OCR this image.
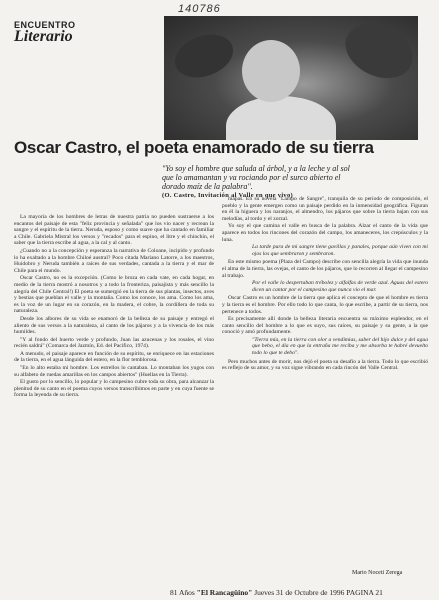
140786
ENCUENTRO
Literario
Oscar Castro, el poeta enamorado de su tierra
"Yo soy el hombre que saluda al árbol, y a la leche y al sol que lo amamantan y va rociando por el surco abierto el dorado maíz de la palabra".
(O. Castro, Invitación al Valle en que vivo)

La mayoría de los hombres de letras de nuestra patria no pueden sustraerse a los encantos del paisaje de esta "feliz provincia y señalada" que los vio nacer y recrean la sangre y el espíritu de la tierra. Neruda, esposo y como suave que ha cantado en familiar a Chile. Gabriela Mistral los versos y "recados" para el espino, el litre y el chinchín, el saber que la tierra escribe al agua, a la cal y al canto.

¿Cuando no a la concepción y esperanza la narrativa de Coloane, incipido y profundo lo ha exaltado a la hombre Chiloé austral? Poco citada Mariano Latorre, a los maestros, Huidobro y Neruda también a raíces de sus verdades, cantada a la tierra y el mar de Chile para el mundo.

Oscar Castro, no es la excepción. (Como le broza en cada vate, en cada hogar, en medio de la tierra mostró a nosotros y a todo la fronteriza, paisajista y más sencillo la alegría del Chile Central!) El poeta se sumergió en la tierra de sus plantas, insectos, aves y bestias que pueblan el valle y la montaña. Como los conoce, los ama. Como los ama, es la voz de un lugar en su corazón, en la madera, el cobre, la cordillera de toda su naturaleza.

Desde los albores de su vida se enamoró de la belleza de su paisaje y entregó el aliento de sus versos a la naturaleza, al canto de los pájaros y a la vivencia de los más humildes.

"Y al fondo del huerto verde y profundo, Juan las azucenas y los rosales, el vino recién saldrá" (Comarca del Jazmín, Ed. del Pacífico, 1974).

A menudo, el paisaje aparece en función de su espíritu, se enriquece en las estaciones de la tierra, en el agua lánguida del estero, en la flor temblorosa.

"En lo alto estaba mi hombre. Los estrellos lo cantaban. Lo montaban los yugos con su alfabeto de ruedas amarillas en los campos abiertos" (Huellas en la Tierra).

El gusto por lo sencillo, lo popular y lo campesino cubre toda su obra, para alcanzar la plenitud de su canto en el poema cuyos versos transcribimos en parte y en cuya fuente se forma la leyenda de su tierra.

mapas. En su novela "Lampo de Sangre", tranquila de su período de composición, el pueblo y la gente emergen como un paisaje perdido en la inmensidad geográfica. Figuran en él la higuera y los naranjos, el almendro, los pájaros que sobre la tierra bajan con sus melodías, al tordo y el zorzal.

Yo soy el que camina el valle en busca de la palabra. Alzar el canto de la vida que aparece en todos los rincones del corazón del campo, los amaneceres, los crepúsculos y la luna.

La tarde pura de mi sangre tiene gavillas y panales, porque aún viven con mi ojos los que sembraron y sembraron.

En este mismo poema (Plaza del Campo) describe con sencilla alegría la vida que inunda el alma de la tierra, las ovejas, el canto de los pájaros, que lo recorren al llegar el campesino al trabajo.

Por el valle lo despertaban trébolez y alfalfas de verde azul. Aguas del estero dicen un cantar por el campesino que nunca vio el mar.

Oscar Castro es un hombre de la tierra que aplica el concepto de que el hombre es tierra y la tierra es el hombre. Por ello todo lo que canta, lo que escribe, a partir de su tierra, nos pertenece a todos.

Es precisamente allí donde la belleza literaria encuentra su máximo esplendor, en el canto sencillo del hombre a lo que es suyo, sus raíces, su paisaje y su gente, a la que conoció y amó profundamente.

"Tierra mía, en la tierra con olor a vendimias, saber del hijo dulce y del agua que bebo, el día en que la entraña me reciba y me absorba te habré devuelto todo lo que te debo".

Pero muchos antes de morir, nos dejó el poeta su desafío a la tierra. Todo lo que escribió es reflejo de su amor, y su voz sigue vibrando en cada rincón del Valle Central.

Mario Noceti Zerega
81 Años "El Rancagüino" Jueves 31 de Octubre de 1996 PAGINA 21
